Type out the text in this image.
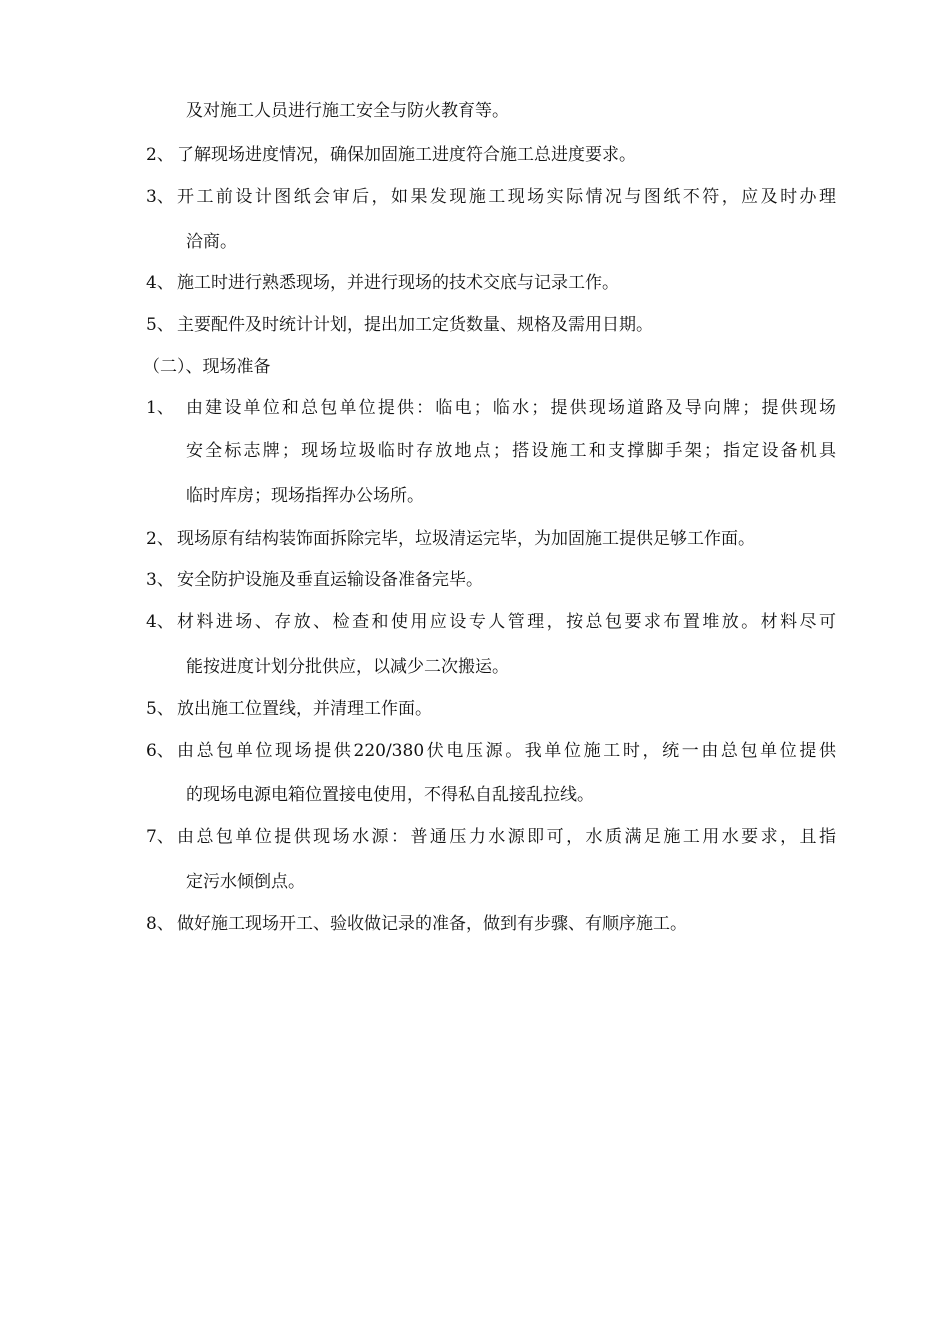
及对施工人员进行施工安全与防火教育等。
2、 了解现场进度情况，确保加固施工进度符合施工总进度要求。
3、 开工前设计图纸会审后，如果发现施工现场实际情况与图纸不符，应及时办理
洽商。
4、 施工时进行熟悉现场，并进行现场的技术交底与记录工作。
5、 主要配件及时统计计划，提出加工定货数量、规格及需用日期。
（二）、现场准备
1、 由建设单位和总包单位提供：临电；临水；提供现场道路及导向牌；提供现场
安全标志牌；现场垃圾临时存放地点；搭设施工和支撑脚手架；指定设备机具
临时库房；现场指挥办公场所。
2、 现场原有结构装饰面拆除完毕，垃圾清运完毕，为加固施工提供足够工作面。
3、 安全防护设施及垂直运输设备准备完毕。
4、 材料进场、存放、检查和使用应设专人管理，按总包要求布置堆放。材料尽可
能按进度计划分批供应，以减少二次搬运。
5、 放出施工位置线，并清理工作面。
6、 由总包单位现场提供220/380伏电压源。我单位施工时，统一由总包单位提供
的现场电源电箱位置接电使用，不得私自乱接乱拉线。
7、 由总包单位提供现场水源：普通压力水源即可，水质满足施工用水要求，且指
定污水倾倒点。
8、 做好施工现场开工、验收做记录的准备，做到有步骤、有顺序施工。
